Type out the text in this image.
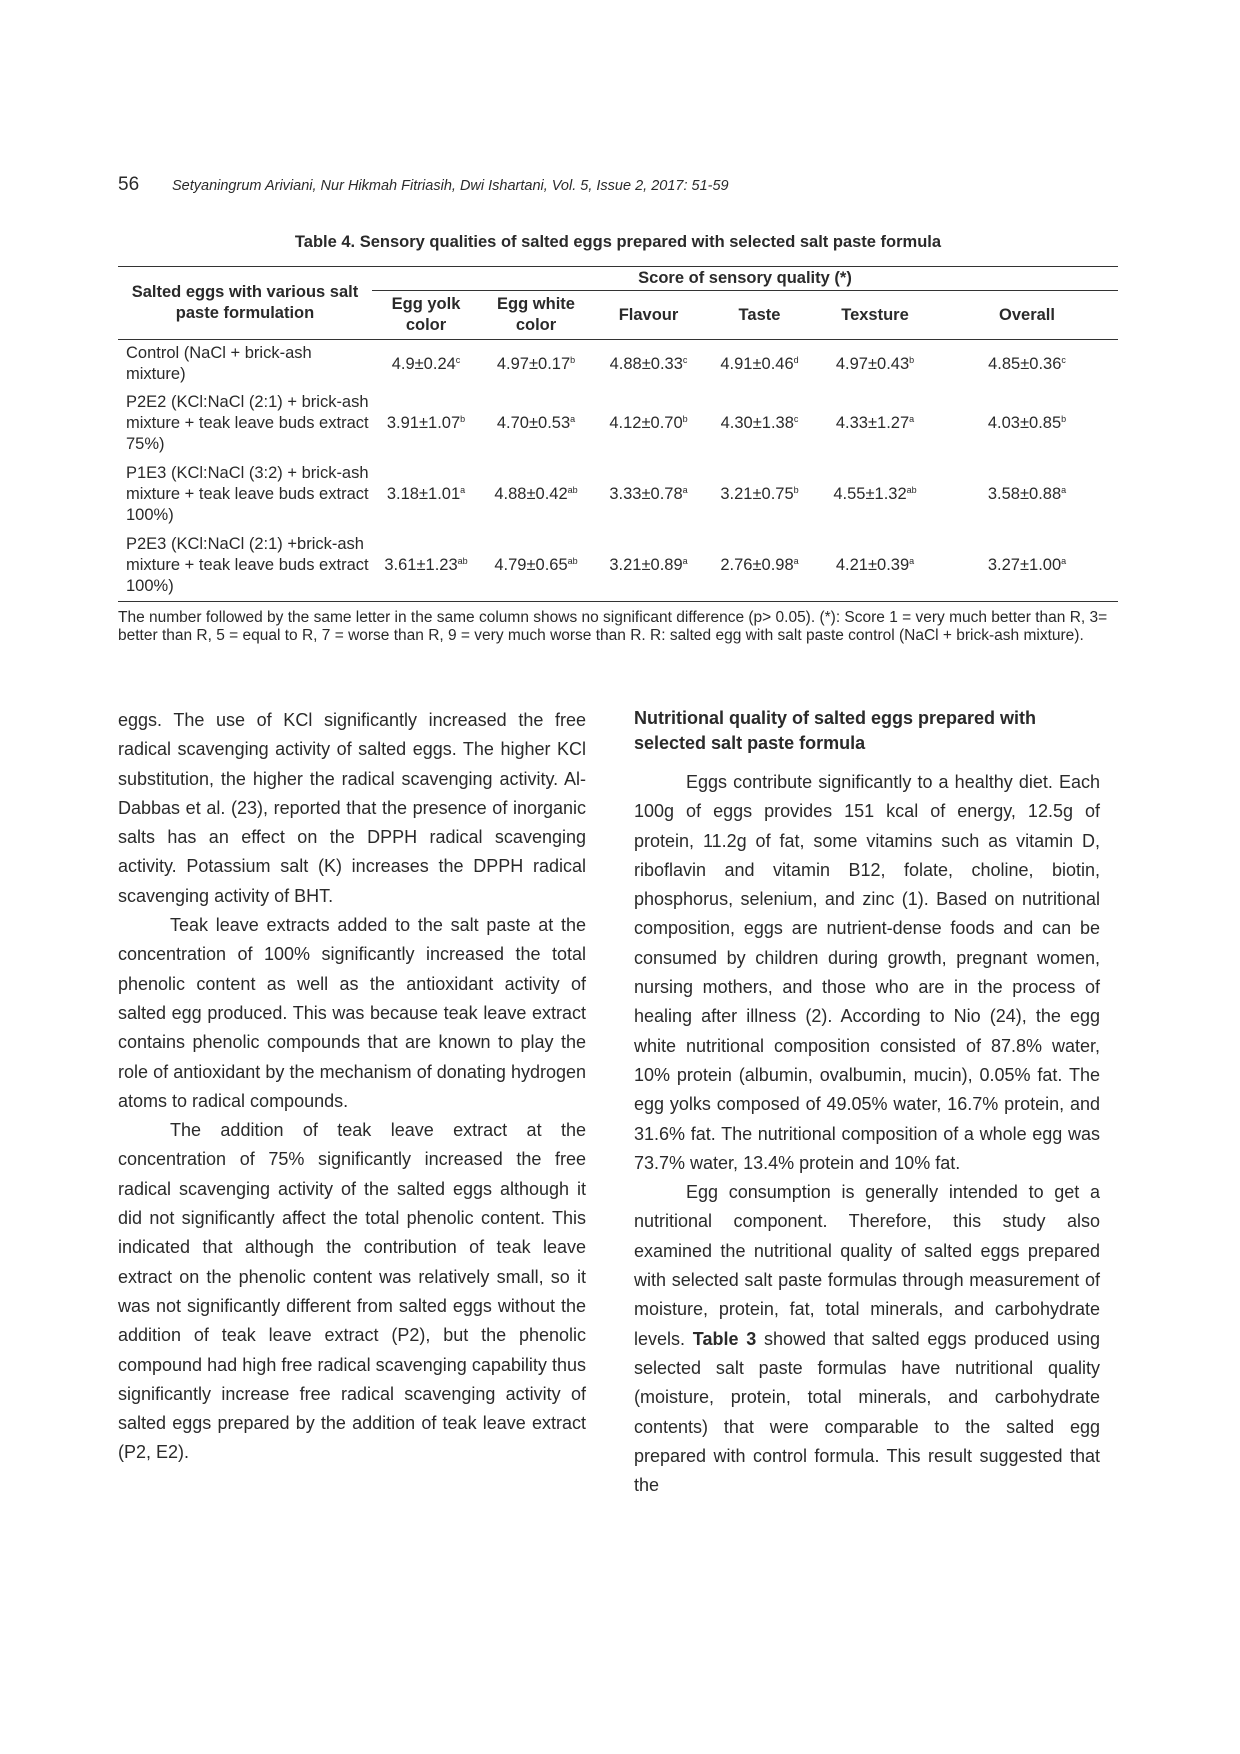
56 Setyaningrum Ariviani, Nur Hikmah Fitriasih, Dwi Ishartani, Vol. 5, Issue 2, 2017: 51-59
Table 4. Sensory qualities of salted eggs prepared with selected salt paste formula
Salted eggs with various salt paste formulation	Score of sensory quality (*)					
	Egg yolk color	Egg white color	Flavour	Taste	Texsture	Overall
Control (NaCl + brick-ash mixture)	4.9±0.24$^c$	4.97±0.17$^b$	4.88±0.33$^c$	4.91±0.46$^d$	4.97±0.43$^b$	4.85±0.36$^c$
P2E2 (KCl:NaCl (2:1) + brick-ash mixture + teak leave buds extract 75%)	3.91±1.07$^b$	4.70±0.53$^a$	4.12±0.70$^b$	4.30±1.38$^c$	4.33±1.27$^a$	4.03±0.85$^b$
P1E3 (KCl:NaCl (3:2) + brick-ash mixture + teak leave buds extract 100%)	3.18±1.01$^a$	4.88±0.42$^{ab}$	3.33±0.78$^a$	3.21±0.75$^b$	4.55±1.32$^{ab}$	3.58±0.88$^a$
P2E3 (KCl:NaCl (2:1) +brick-ash mixture + teak leave buds extract 100%)	3.61±1.23$^{ab}$	4.79±0.65$^{ab}$	3.21±0.89$^a$	2.76±0.98$^a$	4.21±0.39$^a$	3.27±1.00$^a$
The number followed by the same letter in the same column shows no significant difference (p> 0.05). (*): Score 1 = very much better than R, 3= better than R, 5 = equal to R, 7 = worse than R, 9 = very much worse than R. R: salted egg with salt paste control (NaCl + brick-ash mixture).

eggs. The use of KCl significantly increased the free radical scavenging activity of salted eggs. The higher KCl substitution, the higher the radical scavenging activity. Al-Dabbas et al. (23), reported that the presence of inorganic salts has an effect on the DPPH radical scavenging activity. Potassium salt (K) increases the DPPH radical scavenging activity of BHT.

Teak leave extracts added to the salt paste at the concentration of 100% significantly increased the total phenolic content as well as the antioxidant activity of salted egg produced. This was because teak leave extract contains phenolic compounds that are known to play the role of antioxidant by the mechanism of donating hydrogen atoms to radical compounds.

The addition of teak leave extract at the concentration of 75% significantly increased the free radical scavenging activity of the salted eggs although it did not significantly affect the total phenolic content. This indicated that although the contribution of teak leave extract on the phenolic content was relatively small, so it was not significantly different from salted eggs without the addition of teak leave extract (P2), but the phenolic compound had high free radical scavenging capability thus significantly increase free radical scavenging activity of salted eggs prepared by the addition of teak leave extract (P2, E2).

Nutritional quality of salted eggs prepared with selected salt paste formula

Eggs contribute significantly to a healthy diet. Each 100g of eggs provides 151 kcal of energy, 12.5g of protein, 11.2g of fat, some vitamins such as vitamin D, riboflavin and vitamin B12, folate, choline, biotin, phosphorus, selenium, and zinc (1). Based on nutritional composition, eggs are nutrient-dense foods and can be consumed by children during growth, pregnant women, nursing mothers, and those who are in the process of healing after illness (2). According to Nio (24), the egg white nutritional composition consisted of 87.8% water, 10% protein (albumin, ovalbumin, mucin), 0.05% fat. The egg yolks composed of 49.05% water, 16.7% protein, and 31.6% fat. The nutritional composition of a whole egg was 73.7% water, 13.4% protein and 10% fat.

Egg consumption is generally intended to get a nutritional component. Therefore, this study also examined the nutritional quality of salted eggs prepared with selected salt paste formulas through measurement of moisture, protein, fat, total minerals, and carbohydrate levels. Table 3 showed that salted eggs produced using selected salt paste formulas have nutritional quality (moisture, protein, total minerals, and carbohydrate contents) that were comparable to the salted egg prepared with control formula. This result suggested that the
